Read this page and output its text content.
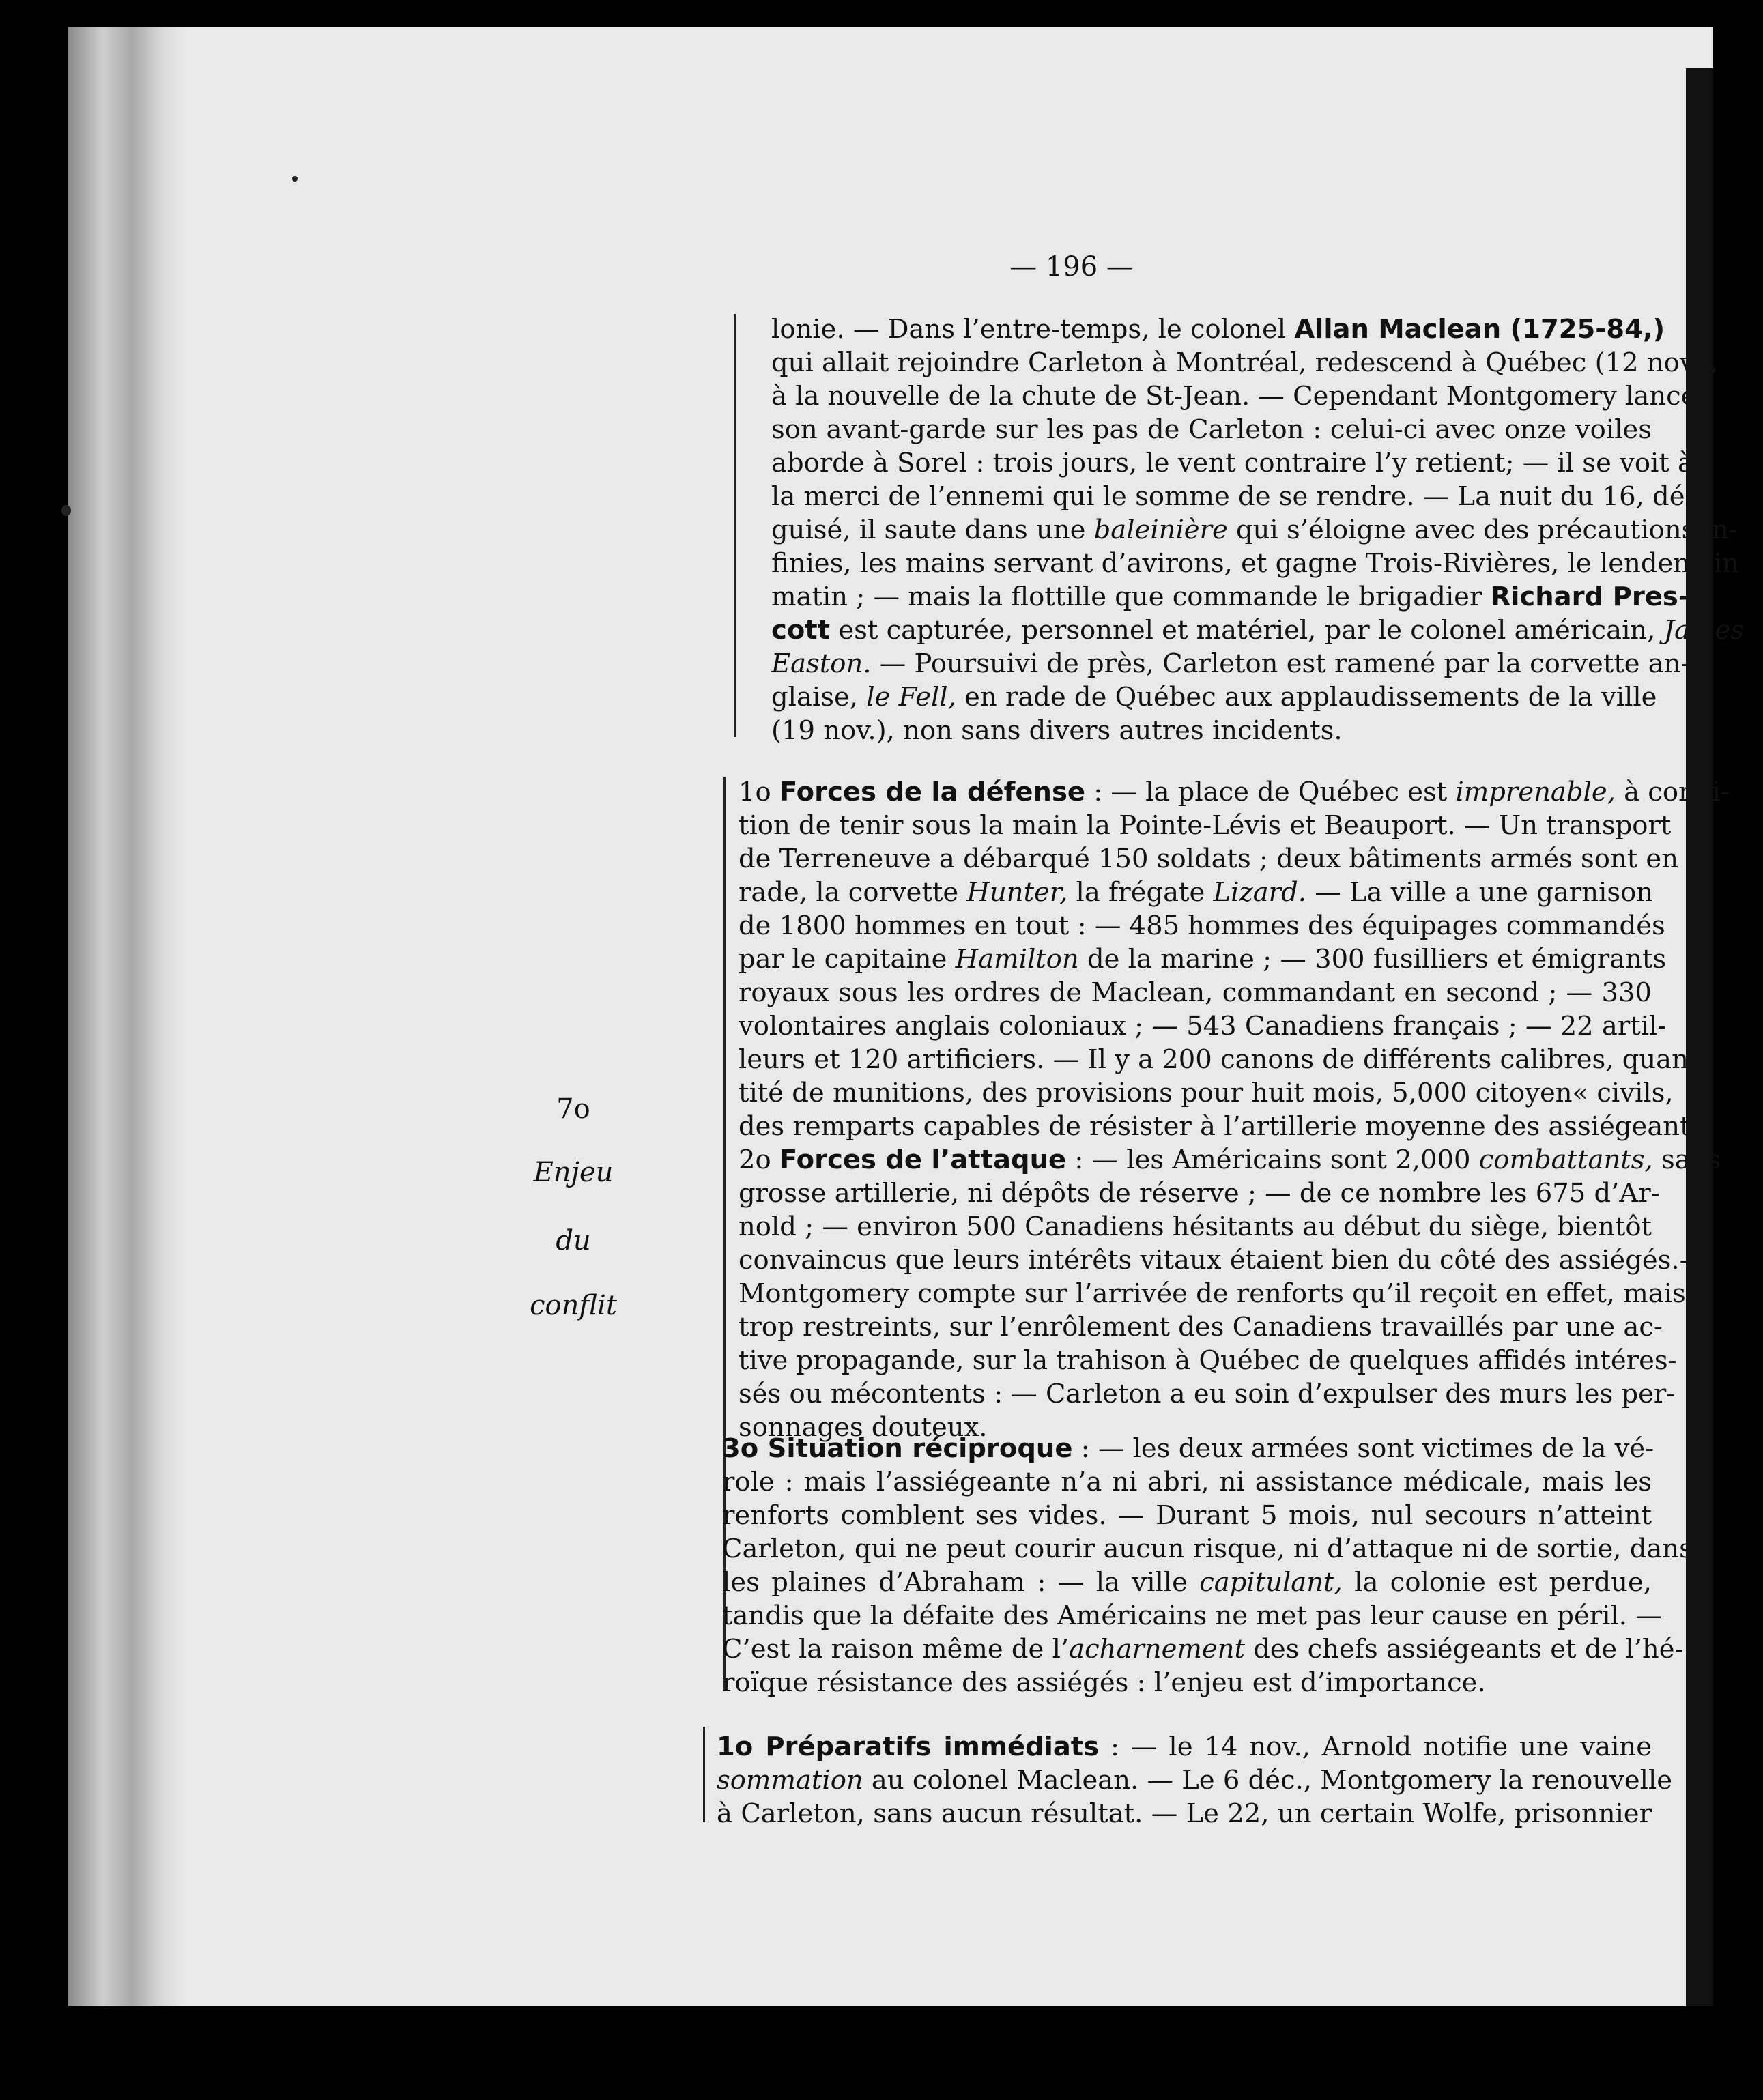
— 196 —
7o
Enjeu
du
conflit
lonie. — Dans l’entre-temps, le colonel Allan Maclean (1725-84,)
qui allait rejoindre Carleton à Montréal, redescend à Québec (12 nov.),
à la nouvelle de la chute de St-Jean. — Cependant Montgomery lance
son avant-garde sur les pas de Carleton : celui-ci avec onze voiles
aborde à Sorel : trois jours, le vent contraire l’y retient; — il se voit à
la merci de l’ennemi qui le somme de se rendre. — La nuit du 16, dé-
guisé, il saute dans une baleinière qui s’éloigne avec des précautions in-
finies, les mains servant d’avirons, et gagne Trois-Rivières, le lendemain
matin ; — mais la flottille que commande le brigadier Richard Pres-
cott est capturée, personnel et matériel, par le colonel américain, James
Easton. — Poursuivi de près, Carleton est ramené par la corvette an-
glaise, le Fell, en rade de Québec aux applaudissements de la ville
(19 nov.), non sans divers autres incidents.
1o Forces de la défense : — la place de Québec est imprenable, à condi-
tion de tenir sous la main la Pointe-Lévis et Beauport. — Un transport
de Terreneuve a débarqué 150 soldats ; deux bâtiments armés sont en
rade, la corvette Hunter, la frégate Lizard. — La ville a une garnison
de 1800 hommes en tout : — 485 hommes des équipages commandés
par le capitaine Hamilton de la marine ; — 300 fusilliers et émigrants
royaux sous les ordres de Maclean, commandant en second ; — 330
volontaires anglais coloniaux ; — 543 Canadiens français ; — 22 artil-
leurs et 120 artificiers. — Il y a 200 canons de différents calibres, quan-
tité de munitions, des provisions pour huit mois, 5,000 citoyen« civils,
des remparts capables de résister à l’artillerie moyenne des assiégeants.
2o Forces de l’attaque : — les Américains sont 2,000 combattants, sans
grosse artillerie, ni dépôts de réserve ; — de ce nombre les 675 d’Ar-
nold ; — environ 500 Canadiens hésitants au début du siège, bientôt
convaincus que leurs intérêts vitaux étaient bien du côté des assiégés.—
Montgomery compte sur l’arrivée de renforts qu’il reçoit en effet, mais
trop restreints, sur l’enrôlement des Canadiens travaillés par une ac-
tive propagande, sur la trahison à Québec de quelques affidés intéres-
sés ou mécontents : — Carleton a eu soin d’expulser des murs les per-
sonnages douteux.
3o Situation réciproque : — les deux armées sont victimes de la vé-
role : mais l’assiégeante n’a ni abri, ni assistance médicale, mais les
renforts comblent ses vides. — Durant 5 mois, nul secours n’atteint
Carleton, qui ne peut courir aucun risque, ni d’attaque ni de sortie, dans
les plaines d’Abraham : — la ville capitulant, la colonie est perdue,
tandis que la défaite des Américains ne met pas leur cause en péril. —
C’est la raison même de l’acharnement des chefs assiégeants et de l’hé-
roïque résistance des assiégés : l’enjeu est d’importance.
1o Préparatifs immédiats : — le 14 nov., Arnold notifie une vaine
sommation au colonel Maclean. — Le 6 déc., Montgomery la renouvelle
à Carleton, sans aucun résultat. — Le 22, un certain Wolfe, prisonnier
